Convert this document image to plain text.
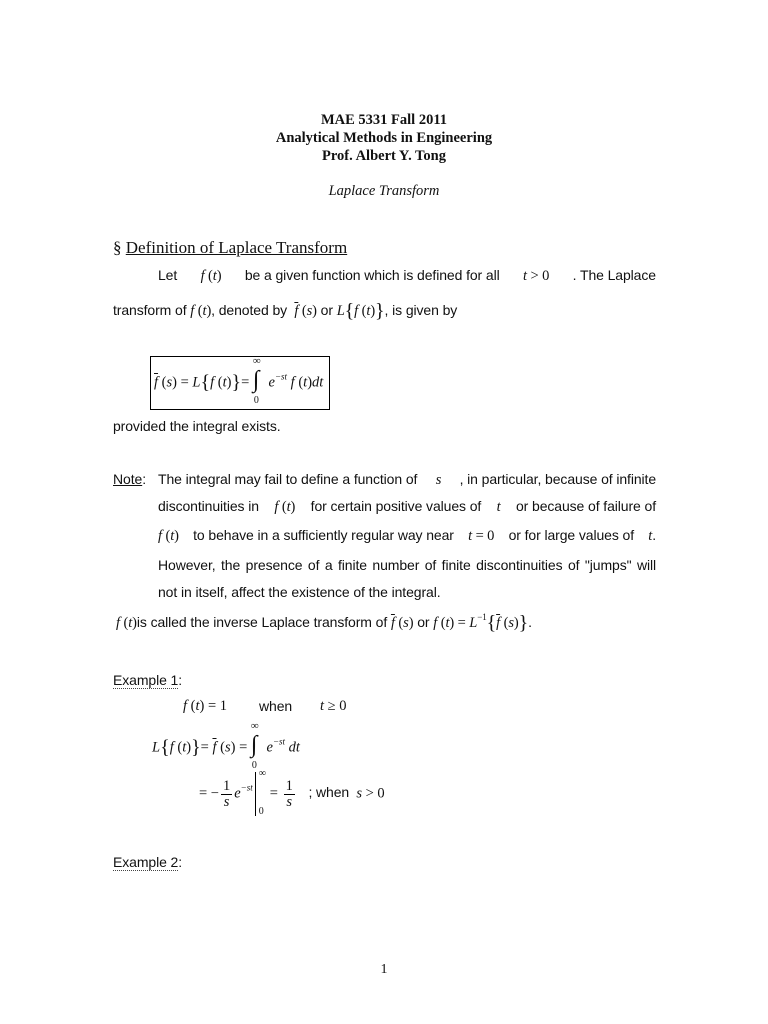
MAE 5331 Fall 2011
Analytical Methods in Engineering
Prof. Albert Y. Tong
Laplace Transform
§ Definition of Laplace Transform
Let f (t) be a given function which is defined for all t > 0 . The Laplace
transform of f (t), denoted by $\overline{f}$ (s) or L{f (t)}, is given by
$\overline{f}$ (s) = L{f (t)}=
∞
∫
0
$e^{-st}$ f (t)dt
provided the integral exists.
Note: The integral may fail to define a function of s , in particular, because of infinite
discontinuities in f (t) for certain positive values of t or because of failure of
f (t) to behave in a sufficiently regular way near t = 0 or for large values of t.
However, the presence of a finite number of finite discontinuities of "jumps" will
not in itself, affect the existence of the integral.
f (t)is called the inverse Laplace transform of $\overline{f}$ (s) or f $(t) = L^{-1}\{\overline{f}$ (s)}.
Example 1:
f (t) = 1 when t ≥ 0
L{f $(t)\}= \overline{f}$ (s) =
∞
∫
0
$e^{-st}$ dt
= − $\frac{1}{s} e^{-st}$
∞
0
= $\frac{1}{s}$ ; when  s > 0
Example 2:
1
